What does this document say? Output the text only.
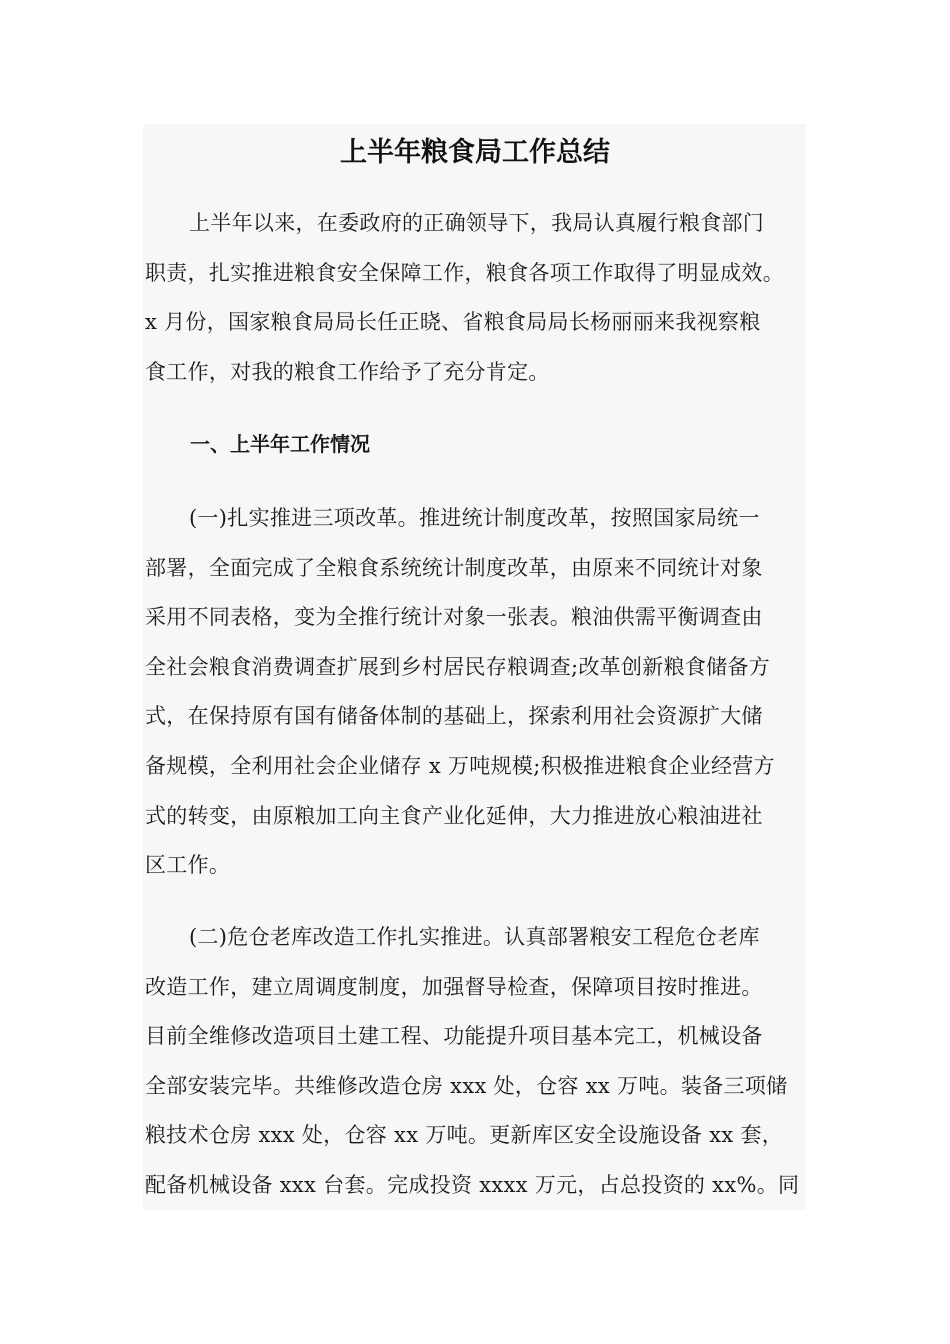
上半年粮食局工作总结

上半年以来，在委政府的正确领导下，我局认真履行粮食部门
职责，扎实推进粮食安全保障工作，粮食各项工作取得了明显成效。
x 月份，国家粮食局局长任正晓、省粮食局局长杨丽丽来我视察粮
食工作，对我的粮食工作给予了充分肯定。

一、上半年工作情况

(一)扎实推进三项改革。推进统计制度改革，按照国家局统一
部署，全面完成了全粮食系统统计制度改革，由原来不同统计对象
采用不同表格，变为全推行统计对象一张表。粮油供需平衡调查由
全社会粮食消费调查扩展到乡村居民存粮调查;改革创新粮食储备方
式，在保持原有国有储备体制的基础上，探索利用社会资源扩大储
备规模，全利用社会企业储存 x 万吨规模;积极推进粮食企业经营方
式的转变，由原粮加工向主食产业化延伸，大力推进放心粮油进社
区工作。

(二)危仓老库改造工作扎实推进。认真部署粮安工程危仓老库
改造工作，建立周调度制度，加强督导检查，保障项目按时推进。
目前全维修改造项目土建工程、功能提升项目基本完工，机械设备
全部安装完毕。共维修改造仓房 xxx 处，仓容 xx 万吨。装备三项储
粮技术仓房 xxx 处，仓容 xx 万吨。更新库区安全设施设备 xx 套，
配备机械设备 xxx 台套。完成投资 xxxx 万元，占总投资的 xx%。同
